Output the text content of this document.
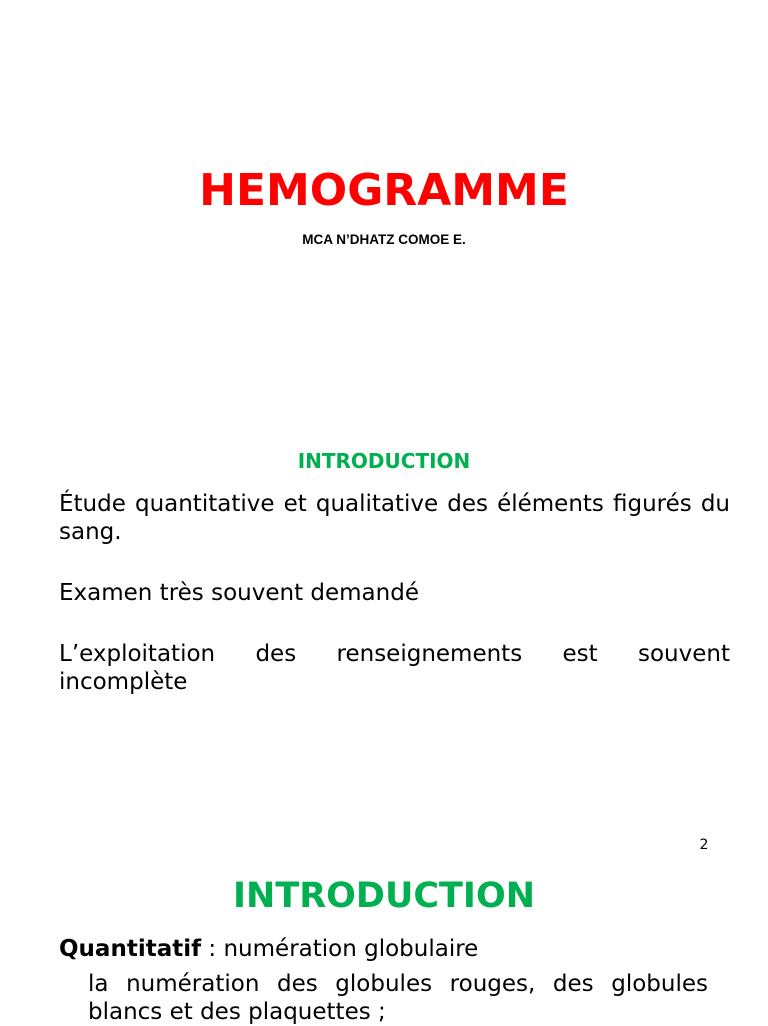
HEMOGRAMME
MCA N’DHATZ COMOE E.
INTRODUCTION

Étude quantitative et qualitative des éléments figurés du sang.

Examen très souvent demandé

L’exploitation des renseignements est souvent incomplète

2
INTRODUCTION

Quantitatif : numération globulaire

la numération des globules rouges, des globules blancs et des plaquettes ;
